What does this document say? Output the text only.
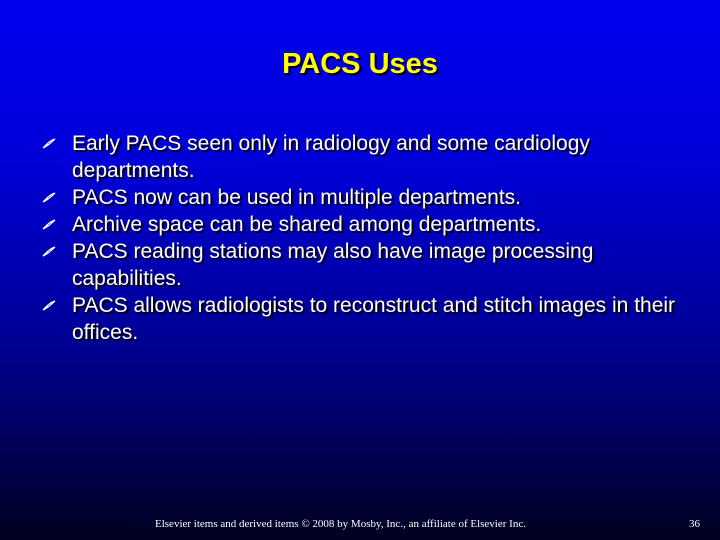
PACS Uses
Early PACS seen only in radiology and some cardiology departments.
PACS now can be used in multiple departments.
Archive space can be shared among departments.
PACS reading stations may also have image processing capabilities.
PACS allows radiologists to reconstruct and stitch images in their offices.
Elsevier items and derived items © 2008 by Mosby, Inc., an affiliate of Elsevier Inc.	36
